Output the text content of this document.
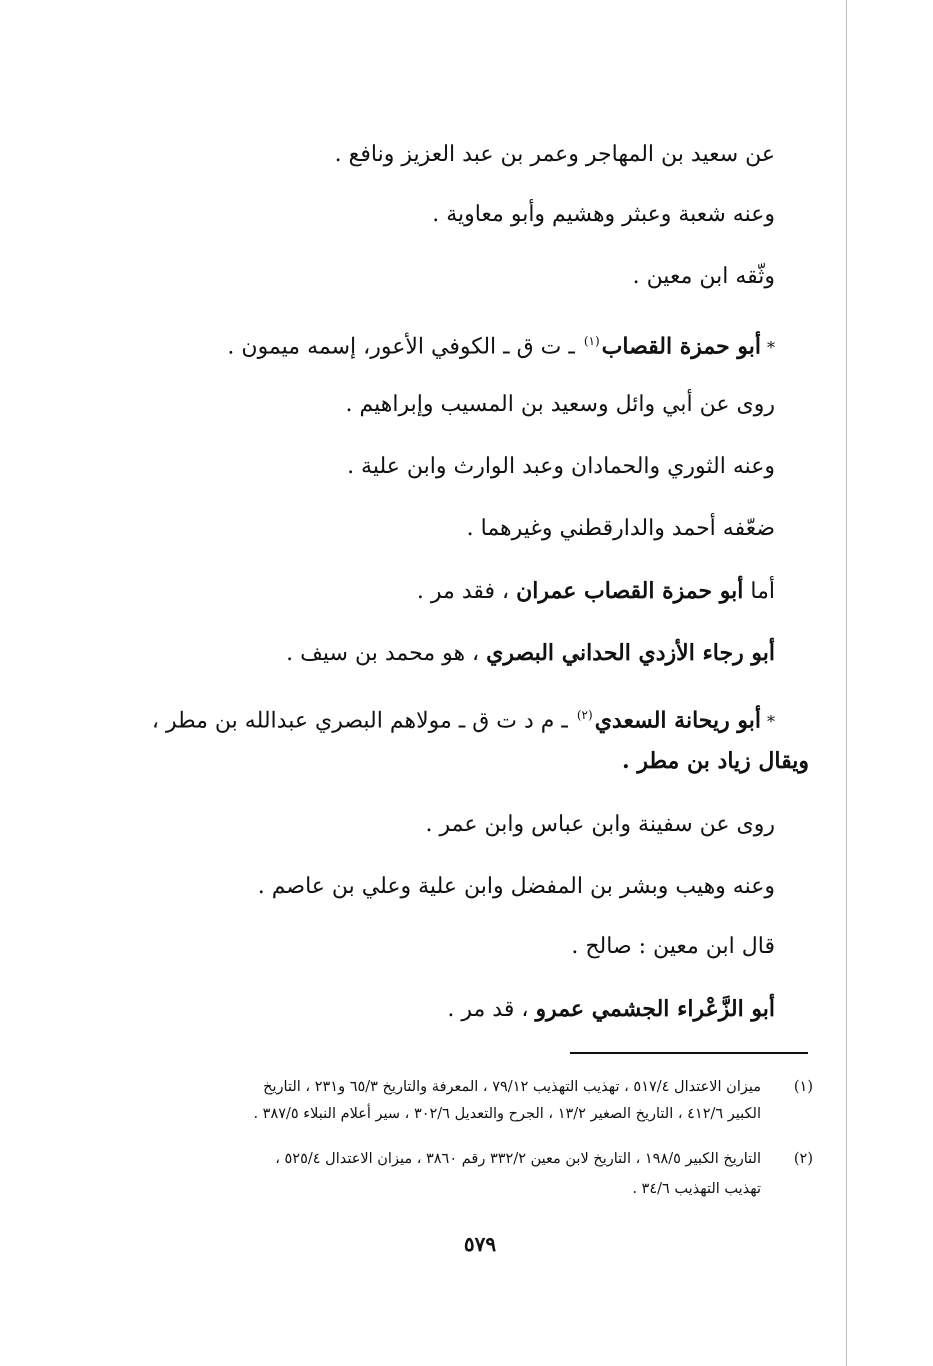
عن سعيد بن المهاجر وعمر بن عبد العزيز ونافع .
وعنه شعبة وعبثر وهشيم وأبو معاوية .
وثّقه ابن معين .
*أبو حمزة القصاب$^{(١)}$ ـ ت ق ـ الكوفي الأعور، إسمه ميمون .
روى عن أبي وائل وسعيد بن المسيب وإبراهيم .
وعنه الثوري والحمادان وعبد الوارث وابن علية .
ضعّفه أحمد والدارقطني وغيرهما .
أما أبو حمزة القصاب عمران ، فقد مر .
أبو رجاء الأزدي الحداني البصري ، هو محمد بن سيف .
*أبو ريحانة السعدي$^{(٢)}$ ـ م د ت ق ـ مولاهم البصري عبدالله بن مطر ،
ويقال زياد بن مطر .
روى عن سفينة وابن عباس وابن عمر .
وعنه وهيب وبشر بن المفضل وابن علية وعلي بن عاصم .
قال ابن معين : صالح .
أبو الزَّعْراء الجشمي عمرو ، قد مر .
(١)
ميزان الاعتدال ٥١٧/٤ ، تهذيب التهذيب ٧٩/١٢ ، المعرفة والتاريخ ٦٥/٣ و٢٣١ ، التاريخ
الكبير ٤١٢/٦ ، التاريخ الصغير ١٣/٢ ، الجرح والتعديل ٣٠٢/٦ ، سير أعلام النبلاء ٣٨٧/٥ .
(٢)
التاريخ الكبير ١٩٨/٥ ، التاريخ لابن معين ٣٣٢/٢ رقم ٣٨٦٠ ، ميزان الاعتدال ٥٢٥/٤ ،
تهذيب التهذيب ٣٤/٦ .
٥٧٩
